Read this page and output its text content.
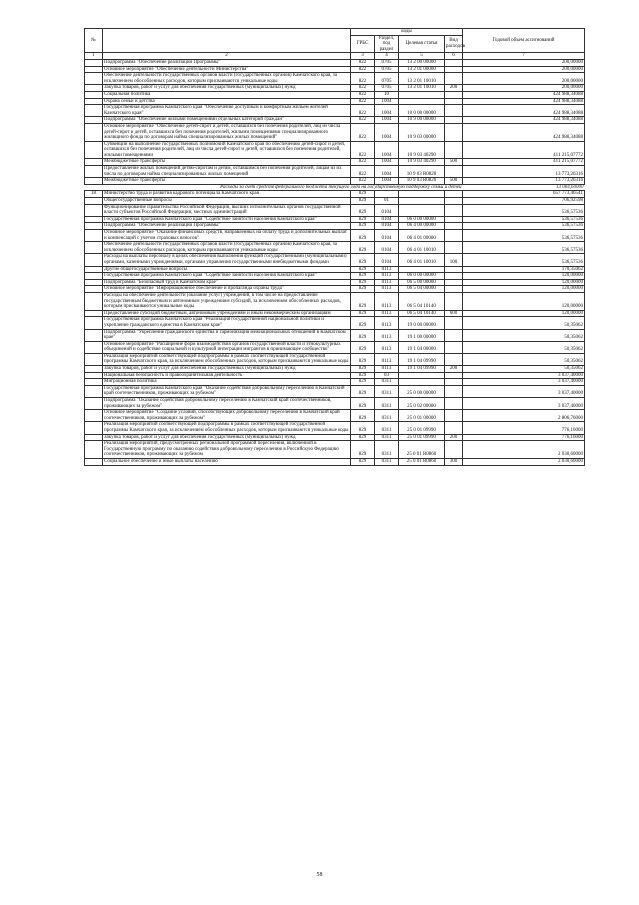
№		коды				Годовой объем ассигнований
		ГРБС	Раздел, под раздел	Целевая статья	Вид расходов	
1	2	3	4	5	6	7
	Подпрограмма "Обеспечение реализации Программы"	822	0705	13 2 00 00000		200,00000
	Основное мероприятие "Обеспечение деятельности Министерства"	822	0705	13 2 01 00000		200,00000
	Обеспечение деятельности государственных органов власти (государственных органов) Камчатского края, за исключением обособленных расходов, которым присваиваются уникальные коды	822	0705	13 2 01 10010		200,00000
	Закупка товаров, работ и услуг для обеспечения государственных (муниципальных) нужд	822	0705	13 2 01 10010	200	200,00000
	Социальная политика	822	10			424 988,34088
	Охрана семьи и детства	822	1004			424 988,34088
	Государственная программа Камчатского края "Обеспечение доступным и комфортным жильем жителей Камчатского края"	822	1004	10 0 00 00000		424 988,34088
	Подпрограмма "Обеспечение жилыми помещениями отдельных категорий граждан"	822	1004	10 9 00 00000		424 988,34088
	Основное мероприятие "Обеспечение детей-сирот и детей, оставшихся без попечения родителей, лиц из числа детей-сирот и детей, оставшихся без попечения родителей, жилыми помещениями специализированного жилищного фонда по договорам найма специализированных жилых помещений"	822	1004	10 9 03 00000		424 988,34088
	Субвенции на выполнение государственных полномочий Камчатского края по обеспечению детей-сирот и детей, оставшихся без попечения родителей, лиц из числа детей-сирот и детей, оставшихся без попечения родителей, жилыми помещениями	822	1004	10 9 03 40290		411 215,07772
	Межбюджетные трансферты	822	1004	10 9 03 40290	500	411 215,07772
	Предоставление жилых помещений детям-сиротам и детям, оставшимся без попечения родителей, лицам из их числа по договорам найма специализированных жилых помещений	822	1004	10 9 03 R0820		13 773,26316
	Межбюджетные трансферты	822	1004	10 9 03 R0820	500	13 773,26316
	Расходы за счет средств федерального бюджета текущего года на государственную поддержку семьи и детей					13 084,60000
18	Министерство труда и развития кадрового потенциала Камчатского края	829				657 773,46541
	Общегосударственные вопросы	829	01			706,92598
	Функционирование Правительства Российской Федерации, высших исполнительных органов государственной власти субъектов Российской Федерации, местных администраций	829	0104			536,57536
	Государственная программа Камчатского края "Содействие занятости населения Камчатского края"	829	0104	06 0 00 00000		536,57536
	Подпрограмма "Обеспечение реализации Программы"	829	0104	06 4 00 00000		536,57536
	Основное мероприятие "Оказание финансовых средств, направленных на оплату труда и дополнительных выплат и компенсаций с учетом страховых взносов"	829	0104	06 4 01 00000		536,57536
	Обеспечение деятельности государственных органов власти (государственных органов) Камчатского края, за исключением обособленных расходов, которым присваиваются уникальные коды	829	0104	06 4 01 10010		536,57536
	Расходы на выплаты персоналу в целях обеспечения выполнения функций государственными (муниципальными) органами, казенными учреждениями, органами управления государственными внебюджетными фондами	829	0104	06 4 01 10010	100	536,57536
	Другие общегосударственные вопросы	829	0113			170,35062
	Государственная программа Камчатского края "Содействие занятости населения Камчатского края"	829	0113	06 0 00 00000		120,00000
	Подпрограмма "Безопасный труд в Камчатском крае"	829	0113	06 5 00 00000		120,00000
	Основное мероприятие "Информационное обеспечение и пропаганда охраны труда"	829	0113	06 5 04 00000		120,00000
	Расходы на обеспечение деятельности (оказание услуг) учреждений, в том числе на предоставление государственным бюджетным и автономным учреждениям субсидий, за исключением обособленных расходов, которым присваиваются уникальные коды	829	0113	06 5 04 10140		120,00000
	Предоставление субсидий бюджетным, автономным учреждениям и иным некоммерческим организациям	829	0113	06 5 04 10140	600	120,00000
	Государственная программа Камчатского края "Реализация государственной национальной политики и укрепление гражданского единства в Камчатском крае"	829	0113	19 0 00 00000		50,35062
	Подпрограмма "Укрепление гражданского единства и гармонизация межнациональных отношений в Камчатском крае"	829	0113	19 1 00 00000		50,35062
	Основное мероприятие "Расширение форм взаимодействия органов государственной власти и этнокультурных объединений и содействие социальной и культурной интеграции мигрантов в принимающее сообщество"	829	0113	19 1 04 00000		50,35062
	Реализация мероприятий соответствующей подпрограммы в рамках соответствующей государственной программы Камчатского края, за исключением обособленных расходов, которым присваиваются уникальные коды	829	0113	19 1 04 09990		50,35062
	Закупка товаров, работ и услуг для обеспечения государственных (муниципальных) нужд	829	0113	19 1 04 09990	200	50,35062
	Национальная безопасность и правоохранительная деятельность	829	03			3 037,40000
	Миграционная политика	829	0311			3 037,40000
	Государственная программа Камчатского края "Оказание содействия добровольному переселению в Камчатский край соотечественников, проживающих за рубежом"	829	0311	25 0 00 00000		3 037,40000
	Подпрограмма "Оказание содействия добровольному переселению в Камчатский край соотечественников, проживающих за рубежом"	829	0311	25 0 02 00000		3 037,40000
	Основное мероприятие "Создание условий, способствующих добровольному переселению в Камчатский край соотечественников, проживающих за рубежом"	829	0311	25 0 01 00000		2 806,76000
	Реализация мероприятий соответствующей подпрограммы в рамках соответствующей государственной программы Камчатского края, за исключением обособленных расходов, которым присваиваются уникальные коды	829	0311	25 0 01 09990		776,16000
	Закупка товаров, работ и услуг для обеспечения государственных (муниципальных) нужд	829	0311	25 0 01 09990	200	776,16000
	Реализация мероприятий, предусмотренных региональной программой переселения, включенной в Государственную программу по оказанию содействия добровольному переселению в Российскую Федерацию соотечественников, проживающих за рубежом	829	0311	25 0 01 R0860		2 030,60000
	Социальное обеспечение и иные выплаты населению	829	0311	25 0 01 R0860	300	2 030,60000
58
